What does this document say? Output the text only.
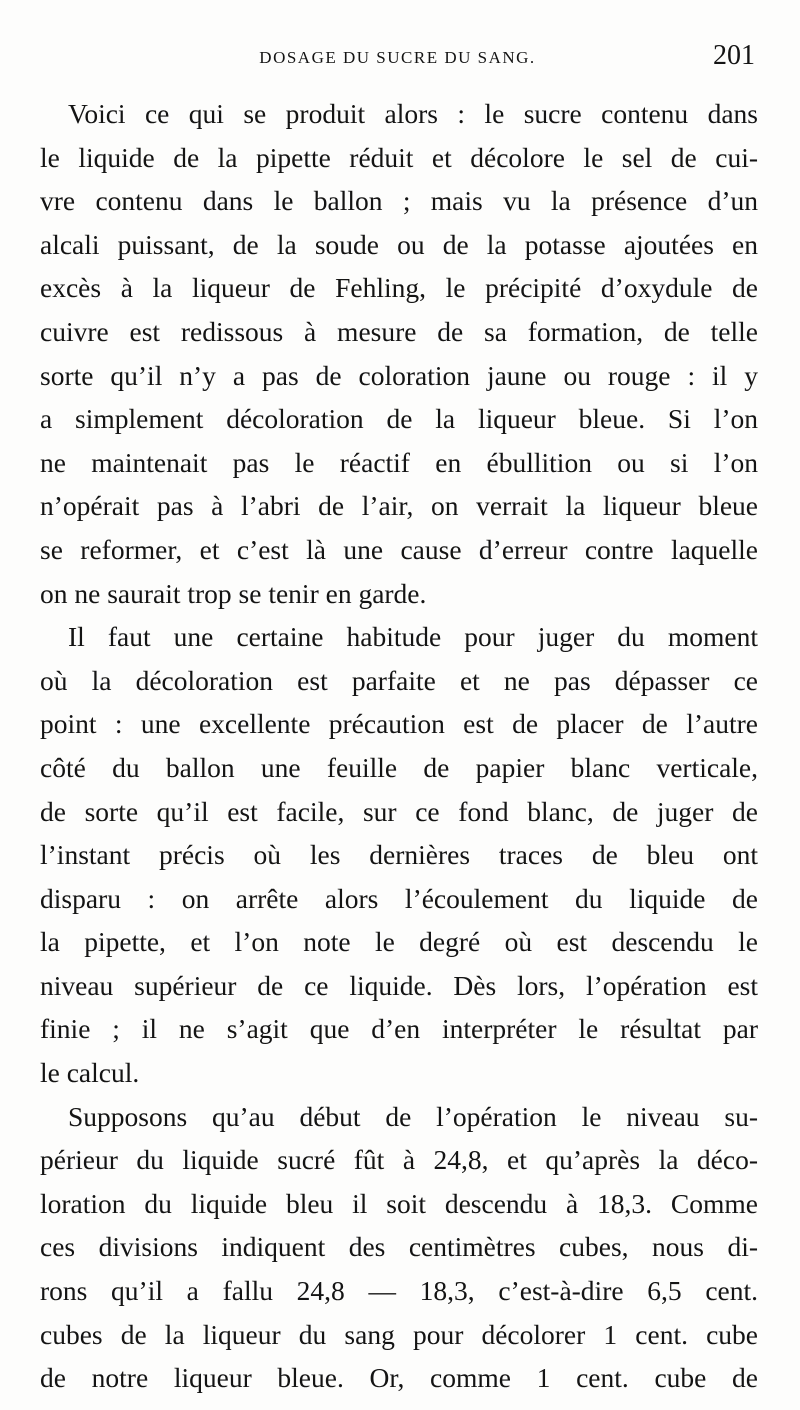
DOSAGE DU SUCRE DU SANG.	201

Voici ce qui se produit alors : le sucre contenu dans

le liquide de la pipette réduit et décolore le sel de cui-

vre contenu dans le ballon ; mais vu la présence d’un

alcali puissant, de la soude ou de la potasse ajoutées en

excès à la liqueur de Fehling, le précipité d’oxydule de

cuivre est redissous à mesure de sa formation, de telle

sorte qu’il n’y a pas de coloration jaune ou rouge : il y

a simplement décoloration de la liqueur bleue. Si l’on

ne maintenait pas le réactif en ébullition ou si l’on

n’opérait pas à l’abri de l’air, on verrait la liqueur bleue

se reformer, et c’est là une cause d’erreur contre laquelle

on ne saurait trop se tenir en garde.

Il faut une certaine habitude pour juger du moment

où la décoloration est parfaite et ne pas dépasser ce

point : une excellente précaution est de placer de l’autre

côté du ballon une feuille de papier blanc verticale,

de sorte qu’il est facile, sur ce fond blanc, de juger de

l’instant précis où les dernières traces de bleu ont

disparu : on arrête alors l’écoulement du liquide de

la pipette, et l’on note le degré où est descendu le

niveau supérieur de ce liquide. Dès lors, l’opération est

finie ; il ne s’agit que d’en interpréter le résultat par

le calcul.

Supposons qu’au début de l’opération le niveau su-

périeur du liquide sucré fût à 24,8, et qu’après la déco-

loration du liquide bleu il soit descendu à 18,3. Comme

ces divisions indiquent des centimètres cubes, nous di-

rons qu’il a fallu 24,8 — 18,3, c’est-à-dire 6,5 cent.

cubes de la liqueur du sang pour décolorer 1 cent. cube

de notre liqueur bleue. Or, comme 1 cent. cube de
